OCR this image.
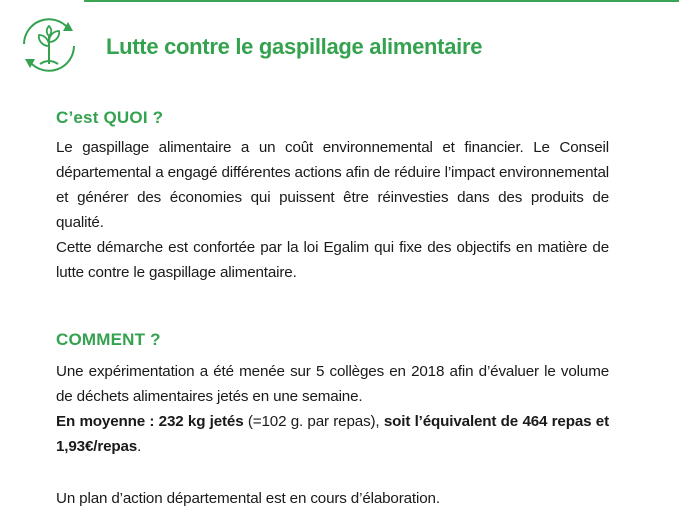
Lutte contre le gaspillage alimentaire
C’est QUOI ?
Le gaspillage alimentaire a un coût environnemental et financier. Le Conseil départemental a engagé différentes actions afin de réduire l’impact environnemental et générer des économies qui puissent être réinvesties dans des produits de qualité.
Cette démarche est confortée par la loi Egalim qui fixe des objectifs en matière de lutte contre le gaspillage alimentaire.
COMMENT ?
Une expérimentation a été menée sur 5 collèges en 2018 afin d’évaluer le volume de déchets alimentaires jetés en une semaine.
En moyenne : 232 kg jetés (=102 g. par repas), soit l’équivalent de 464 repas et 1,93€/repas.
Un plan d’action départemental est en cours d’élaboration.
